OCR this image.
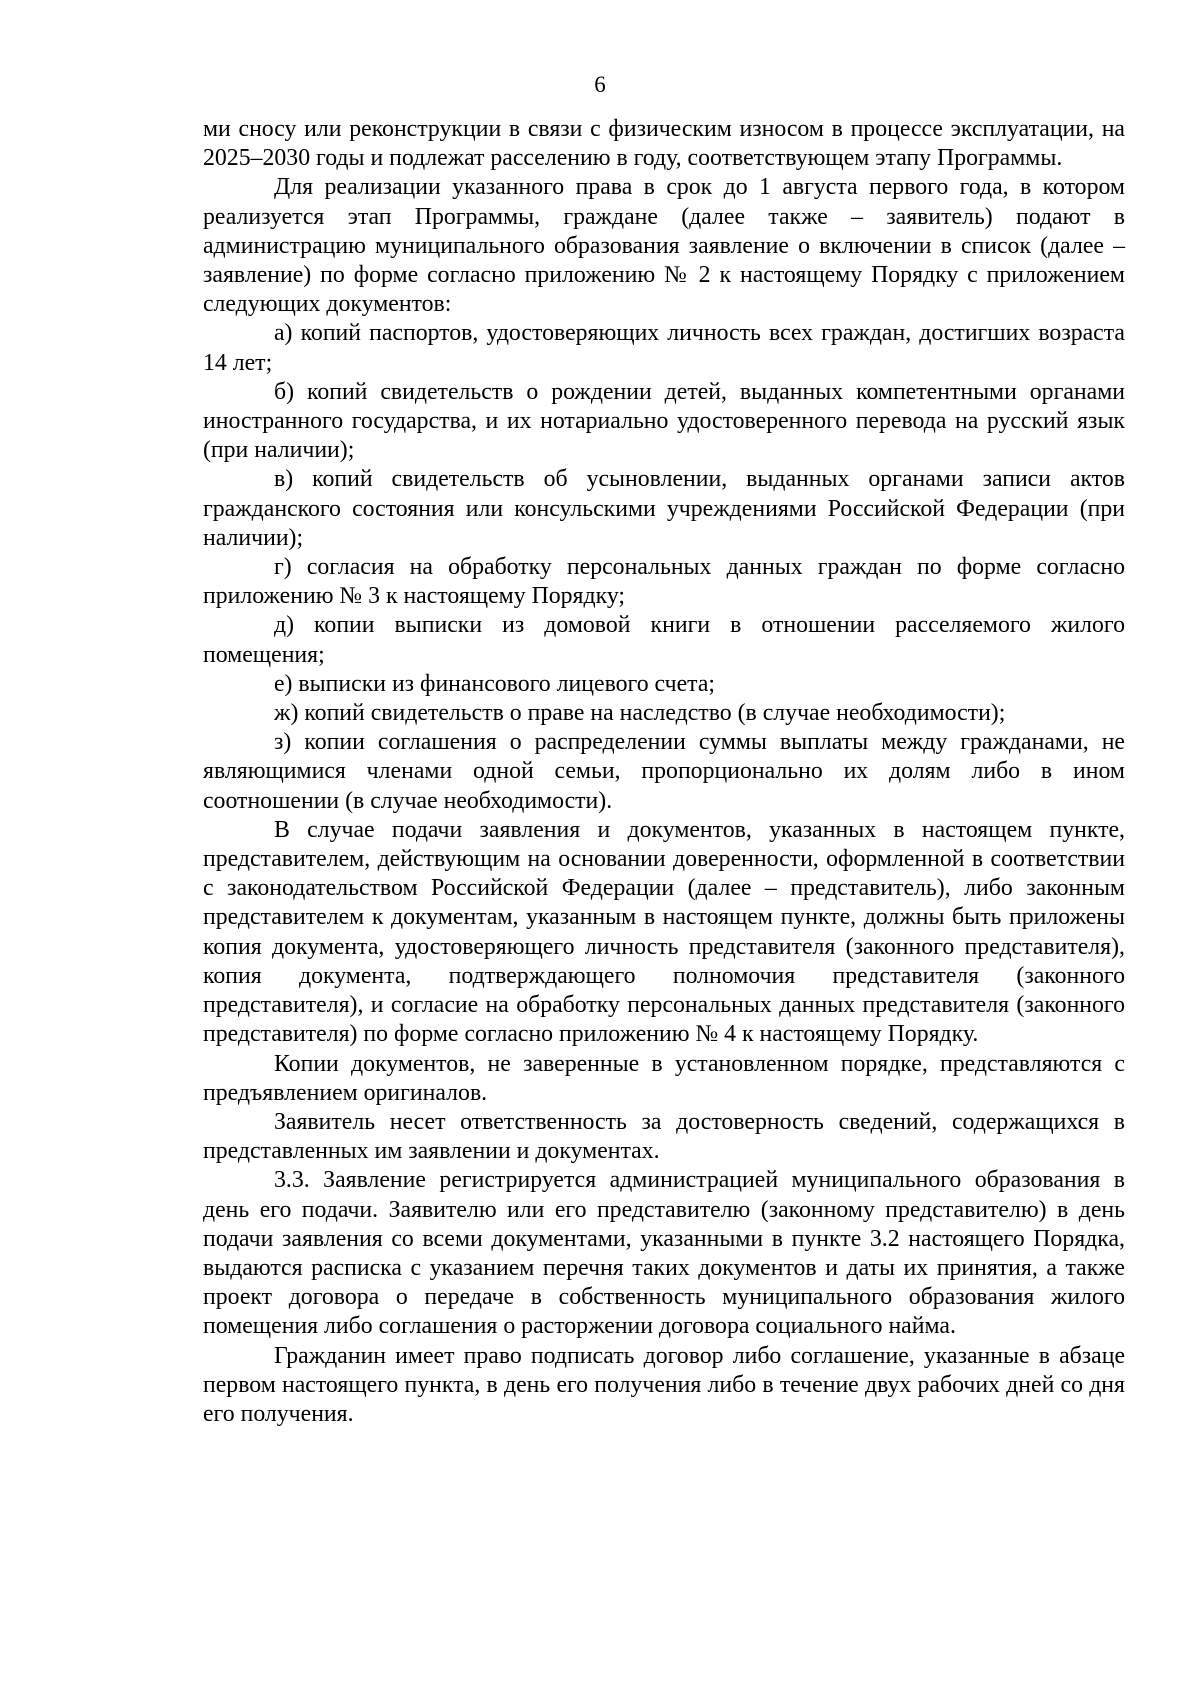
6

ми сносу или реконструкции в связи с физическим износом в процессе эксплуатации, на 2025–2030 годы и подлежат расселению в году, соответствующем этапу Программы.

Для реализации указанного права в срок до 1 августа первого года, в котором реализуется этап Программы, граждане (далее также – заявитель) подают в администрацию муниципального образования заявление о включении в список (далее – заявление) по форме согласно приложению № 2 к настоящему Порядку с приложением следующих документов:

а) копий паспортов, удостоверяющих личность всех граждан, достигших возраста 14 лет;

б) копий свидетельств о рождении детей, выданных компетентными органами иностранного государства, и их нотариально удостоверенного перевода на русский язык (при наличии);

в) копий свидетельств об усыновлении, выданных органами записи актов гражданского состояния или консульскими учреждениями Российской Федерации (при наличии);

г) согласия на обработку персональных данных граждан по форме согласно приложению № 3 к настоящему Порядку;

д) копии выписки из домовой книги в отношении расселяемого жилого помещения;

е) выписки из финансового лицевого счета;

ж) копий свидетельств о праве на наследство (в случае необходимости);

з) копии соглашения о распределении суммы выплаты между гражданами, не являющимися членами одной семьи, пропорционально их долям либо в ином соотношении (в случае необходимости).

В случае подачи заявления и документов, указанных в настоящем пункте, представителем, действующим на основании доверенности, оформленной в соответствии с законодательством Российской Федерации (далее – представитель), либо законным представителем к документам, указанным в настоящем пункте, должны быть приложены копия документа, удостоверяющего личность представителя (законного представителя), копия документа, подтверждающего полномочия представителя (законного представителя), и согласие на обработку персональных данных представителя (законного представителя) по форме согласно приложению № 4 к настоящему Порядку.

Копии документов, не заверенные в установленном порядке, представляются с предъявлением оригиналов.

Заявитель несет ответственность за достоверность сведений, содержащихся в представленных им заявлении и документах.

3.3. Заявление регистрируется администрацией муниципального образования в день его подачи. Заявителю или его представителю (законному представителю) в день подачи заявления со всеми документами, указанными в пункте 3.2 настоящего Порядка, выдаются расписка с указанием перечня таких документов и даты их принятия, а также проект договора о передаче в собственность муниципального образования жилого помещения либо соглашения о расторжении договора социального найма.

Гражданин имеет право подписать договор либо соглашение, указанные в абзаце первом настоящего пункта, в день его получения либо в течение двух рабочих дней со дня его получения.
